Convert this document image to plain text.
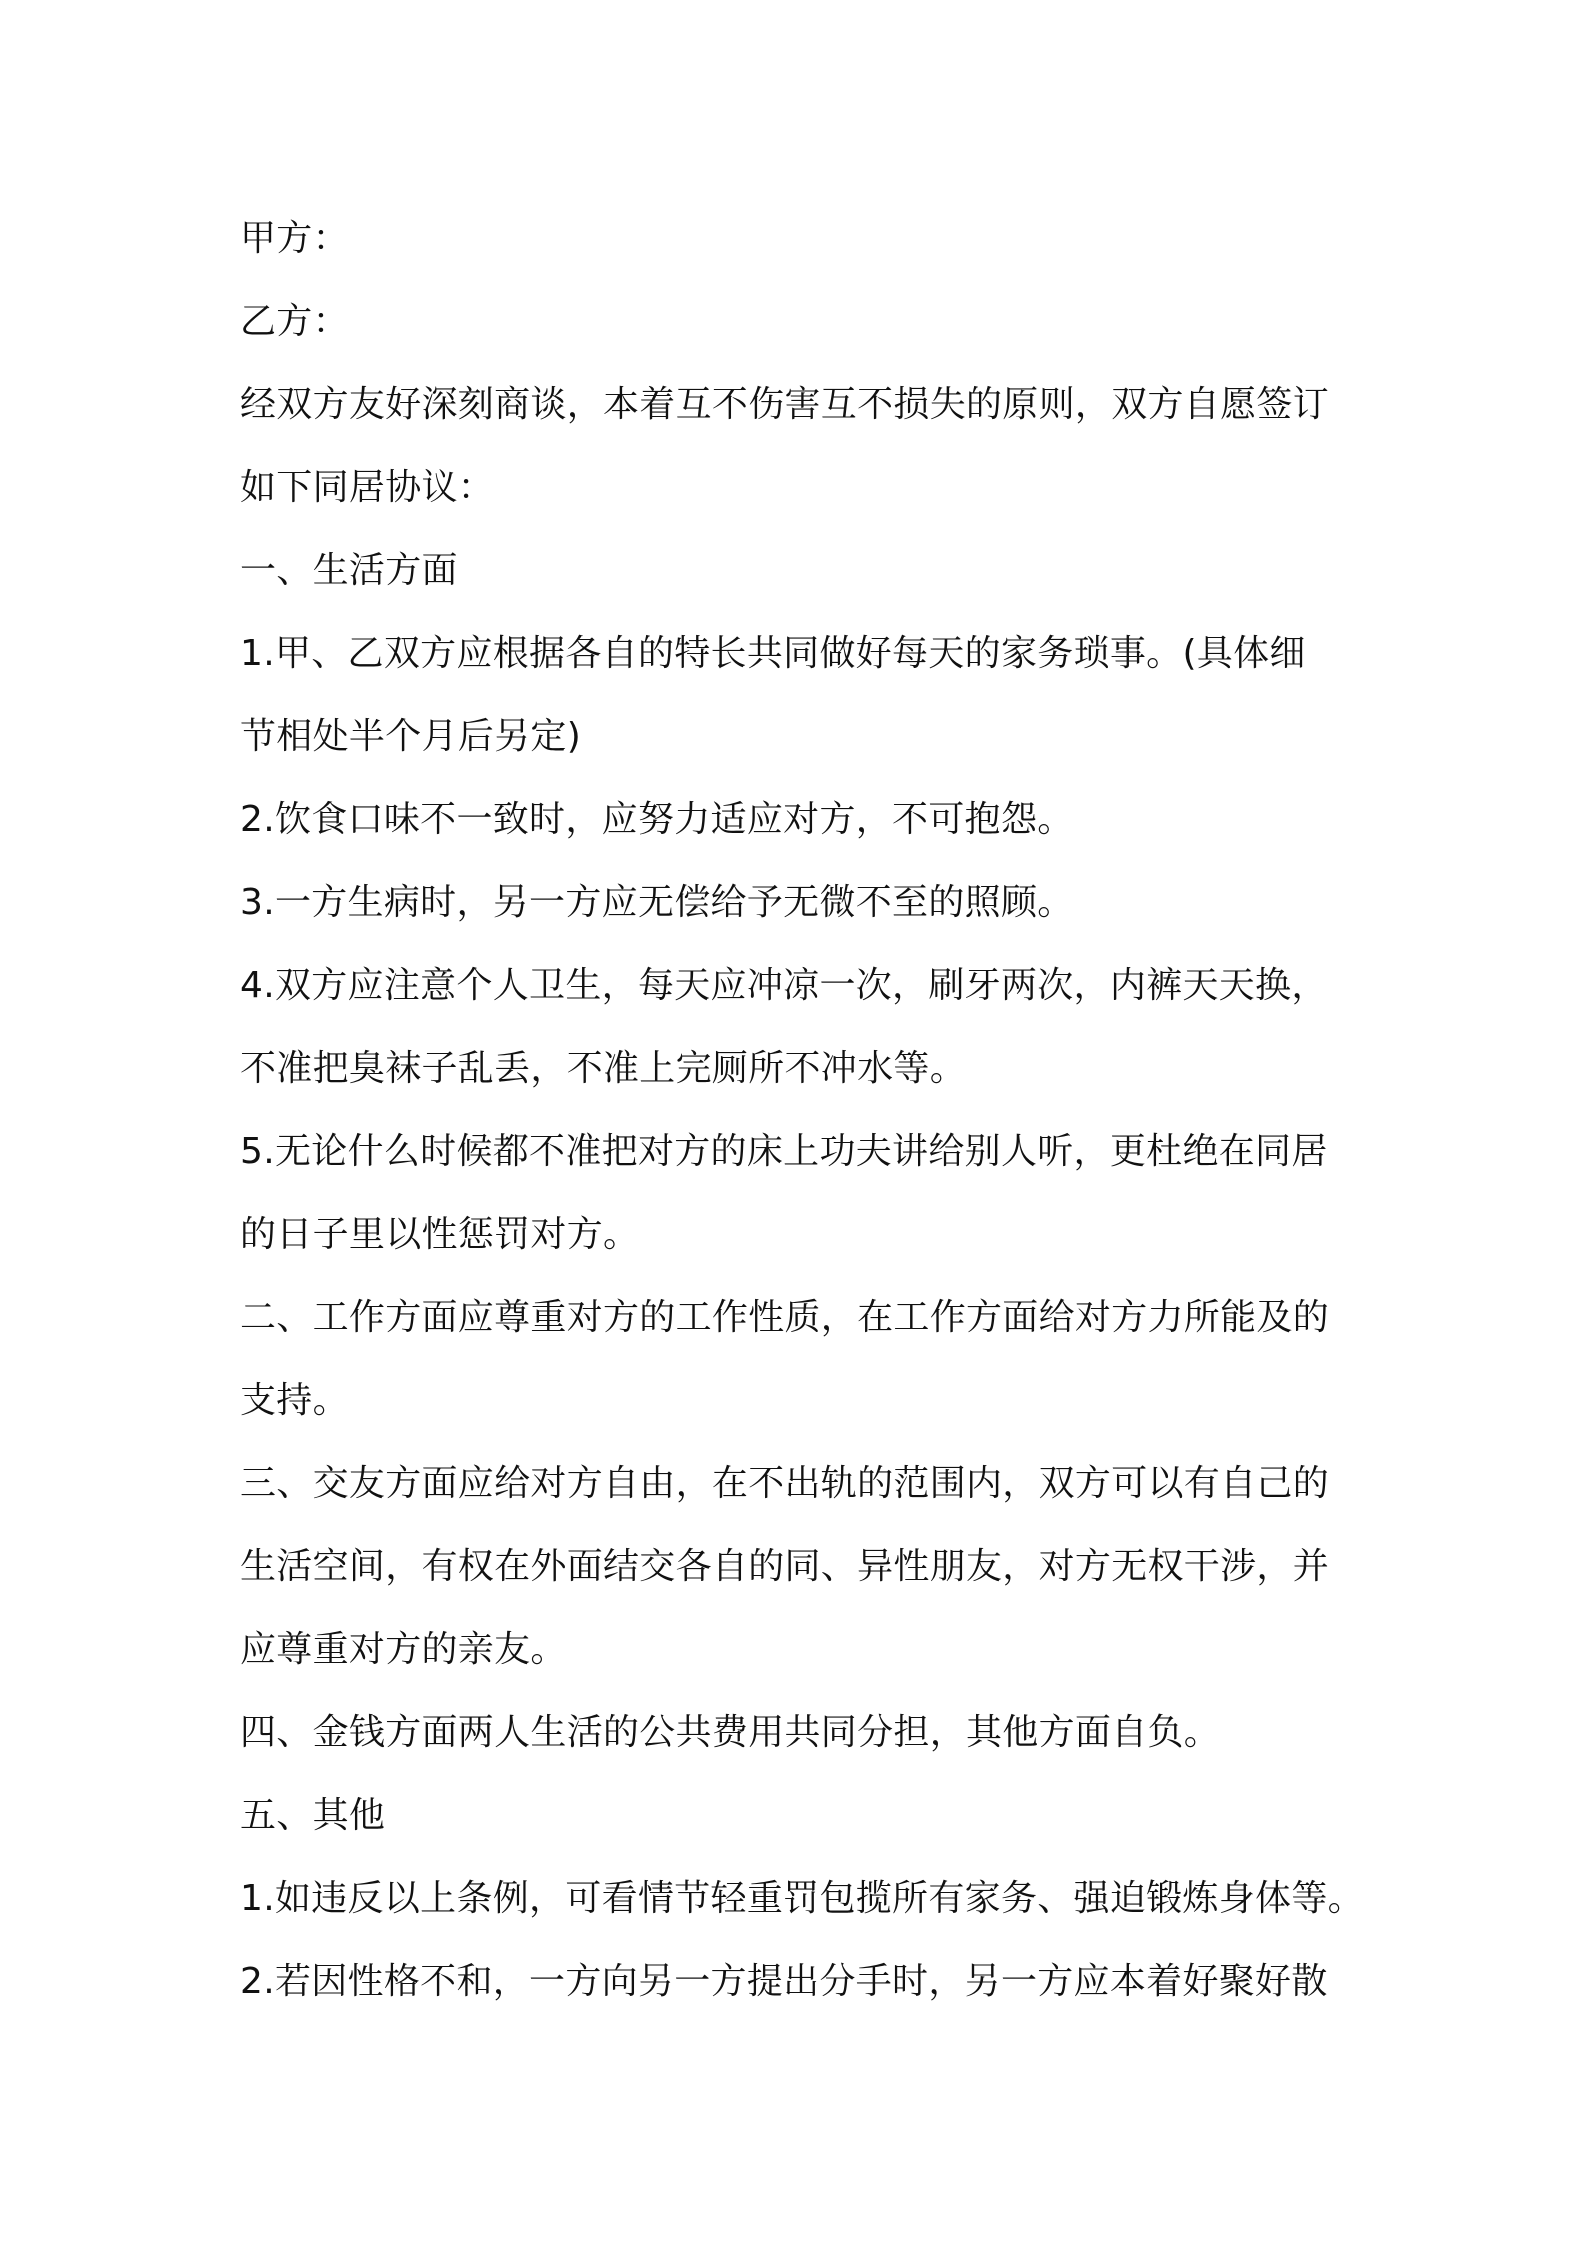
甲方：

乙方：

经双方友好深刻商谈，本着互不伤害互不损失的原则，双方自愿签订

如下同居协议：

一、生活方面

1.甲、乙双方应根据各自的特长共同做好每天的家务琐事。(具体细

节相处半个月后另定)

2.饮食口味不一致时，应努力适应对方，不可抱怨。

3.一方生病时，另一方应无偿给予无微不至的照顾。

4.双方应注意个人卫生，每天应冲凉一次，刷牙两次，内裤天天换，

不准把臭袜子乱丢，不准上完厕所不冲水等。

5.无论什么时候都不准把对方的床上功夫讲给别人听，更杜绝在同居

的日子里以性惩罚对方。

二、工作方面应尊重对方的工作性质，在工作方面给对方力所能及的

支持。

三、交友方面应给对方自由，在不出轨的范围内，双方可以有自己的

生活空间，有权在外面结交各自的同、异性朋友，对方无权干涉，并

应尊重对方的亲友。

四、金钱方面两人生活的公共费用共同分担，其他方面自负。

五、其他

1.如违反以上条例，可看情节轻重罚包揽所有家务、强迫锻炼身体等。

2.若因性格不和，一方向另一方提出分手时，另一方应本着好聚好散
